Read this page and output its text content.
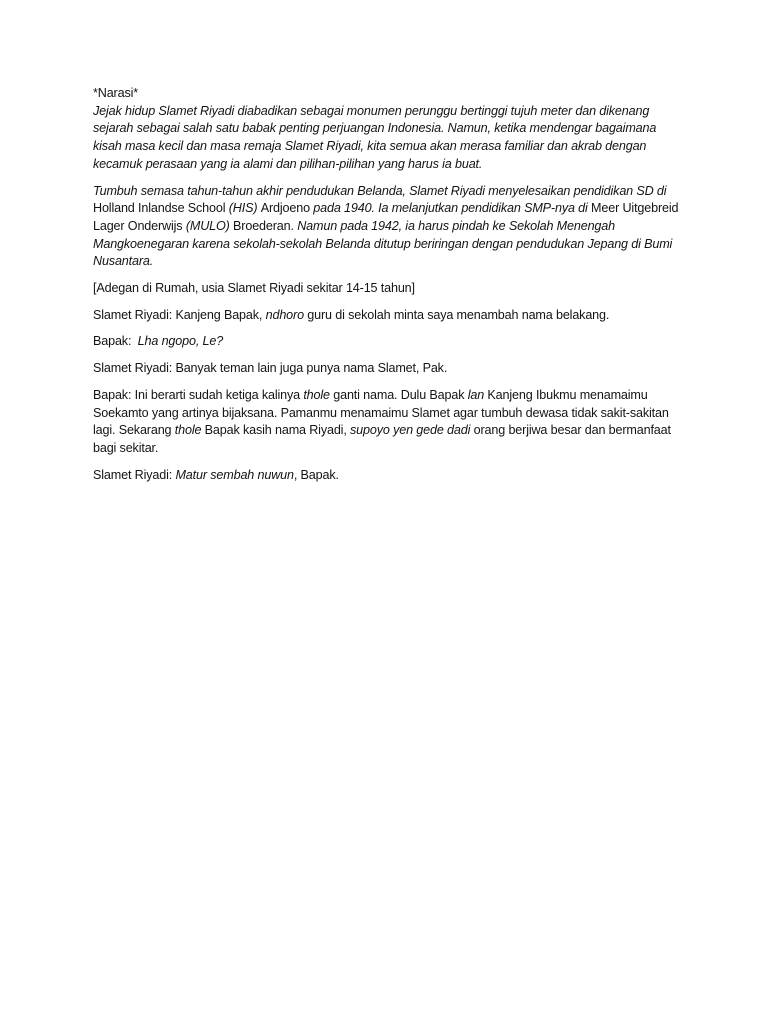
*Narasi*

Jejak hidup Slamet Riyadi diabadikan sebagai monumen perunggu bertinggi tujuh meter dan dikenang sejarah sebagai salah satu babak penting perjuangan Indonesia. Namun, ketika mendengar bagaimana kisah masa kecil dan masa remaja Slamet Riyadi, kita semua akan merasa familiar dan akrab dengan kecamuk perasaan yang ia alami dan pilihan-pilihan yang harus ia buat.

Tumbuh semasa tahun-tahun akhir pendudukan Belanda, Slamet Riyadi menyelesaikan pendidikan SD di Holland Inlandse School (HIS) Ardjoeno pada 1940. Ia melanjutkan pendidikan SMP-nya di Meer Uitgebreid Lager Onderwijs (MULO) Broederan. Namun pada 1942, ia harus pindah ke Sekolah Menengah Mangkoenegaran karena sekolah-sekolah Belanda ditutup beriringan dengan pendudukan Jepang di Bumi Nusantara.

[Adegan di Rumah, usia Slamet Riyadi sekitar 14-15 tahun]

Slamet Riyadi: Kanjeng Bapak, ndhoro guru di sekolah minta saya menambah nama belakang.

Bapak: Lha ngopo, Le?

Slamet Riyadi: Banyak teman lain juga punya nama Slamet, Pak.

Bapak: Ini berarti sudah ketiga kalinya thole ganti nama. Dulu Bapak lan Kanjeng Ibukmu menamaimu Soekamto yang artinya bijaksana. Pamanmu menamaimu Slamet agar tumbuh dewasa tidak sakit-sakitan lagi. Sekarang thole Bapak kasih nama Riyadi, supoyo yen gede dadi orang berjiwa besar dan bermanfaat bagi sekitar.

Slamet Riyadi: Matur sembah nuwun, Bapak.
